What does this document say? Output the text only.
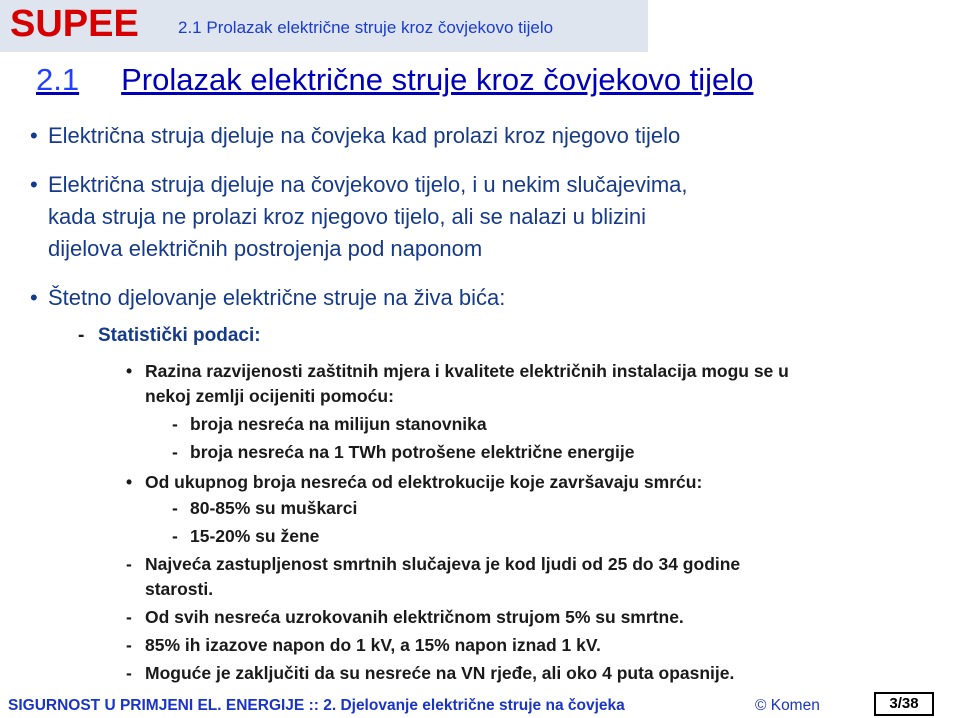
SUPEE 2.1 Prolazak električne struje kroz čovjekovo tijelo
2.1 Prolazak električne struje kroz čovjekovo tijelo
• Električna struja djeluje na čovjeka kad prolazi kroz njegovo tijelo
• Električna struja djeluje na čovjekovo tijelo, i u nekim slučajevima,
kada struja ne prolazi kroz njegovo tijelo, ali se nalazi u blizini
dijelova električnih postrojenja pod naponom
• Štetno djelovanje električne struje na živa bića:
- Statistički podaci:
• Razina razvijenosti zaštitnih mjera i kvalitete električnih instalacija mogu se u
nekoj zemlji ocijeniti pomoću:
- broja nesreća na milijun stanovnika
- broja nesreća na 1 TWh potrošene električne energije
• Od ukupnog broja nesreća od elektrokucije koje završavaju smrću:
- 80-85% su muškarci
- 15-20% su žene
- Najveća zastupljenost smrtnih slučajeva je kod ljudi od 25 do 34 godine
starosti.
- Od svih nesreća uzrokovanih električnom strujom 5% su smrtne.
- 85% ih izazove napon do 1 kV, a 15% napon iznad 1 kV.
- Moguće je zaključiti da su nesreće na VN rjeđe, ali oko 4 puta opasnije.
SIGURNOST U PRIMJENI EL. ENERGIJE :: 2. Djelovanje električne struje na čovjeka	© Komen	3/38
